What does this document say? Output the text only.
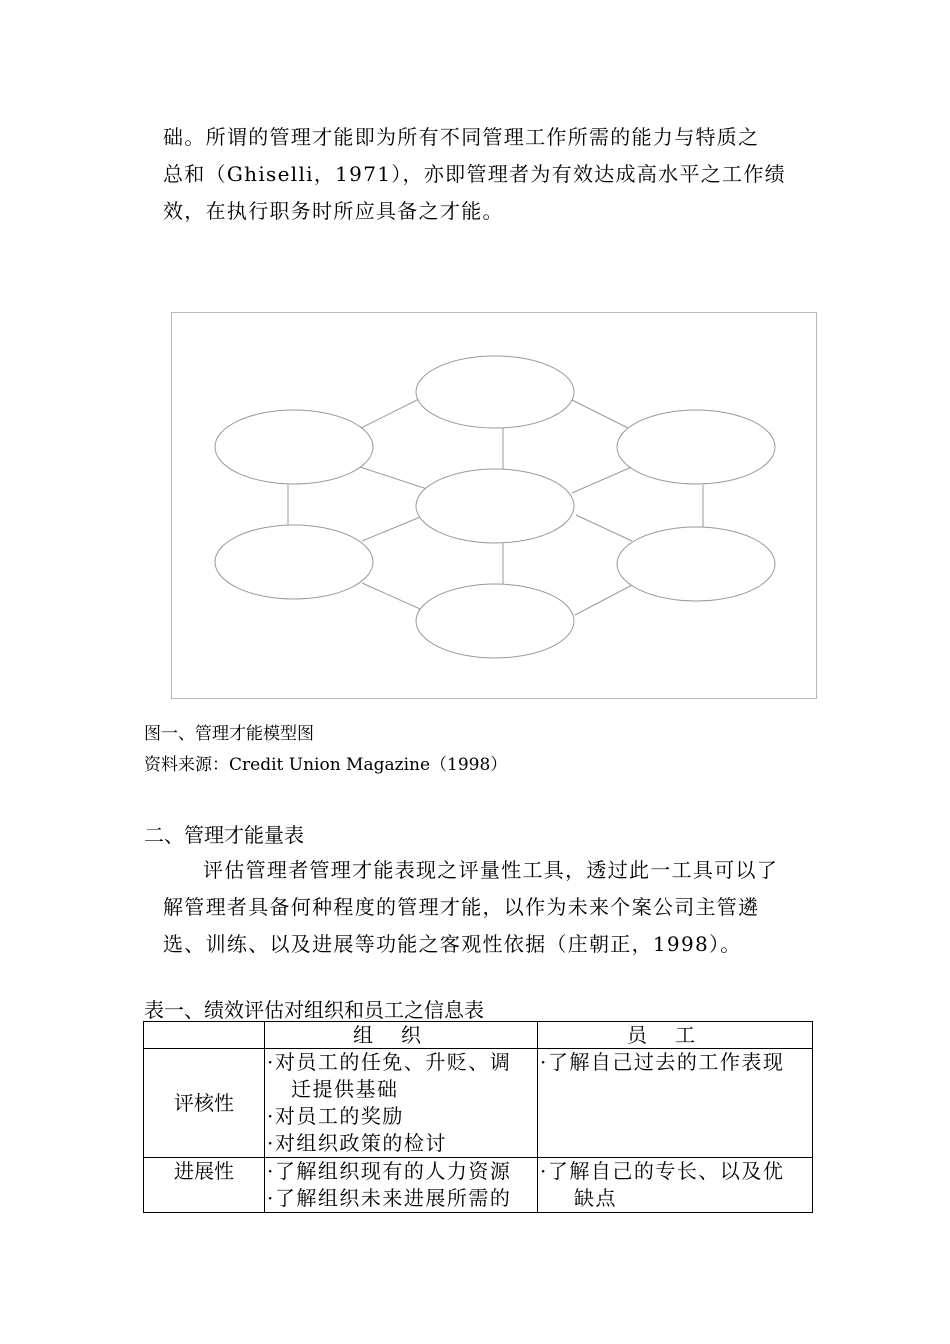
础。所谓的管理才能即为所有不同管理工作所需的能力与特质之
总和（Ghiselli，1971），亦即管理者为有效达成高水平之工作绩
效，在执行职务时所应具备之才能。

图一、管理才能模型图

资料来源：Credit Union Magazine（1998）

二、管理才能量表

评估管理者管理才能表现之评量性工具，透过此一工具可以了
解管理者具备何种程度的管理才能，以作为未来个案公司主管遴
选、训练、以及进展等功能之客观性依据（庄朝正，1998）。

表一、绩效评估对组织和员工之信息表

	组织	员工
评核性	·对员工的任免、升贬、调
迁提供基础
·对员工的奖励
·对组织政策的检讨	·了解自己过去的工作表现

进展性	·了解组织现有的人力资源
·了解组织未来进展所需的	·了解自己的专长、以及优
缺点
